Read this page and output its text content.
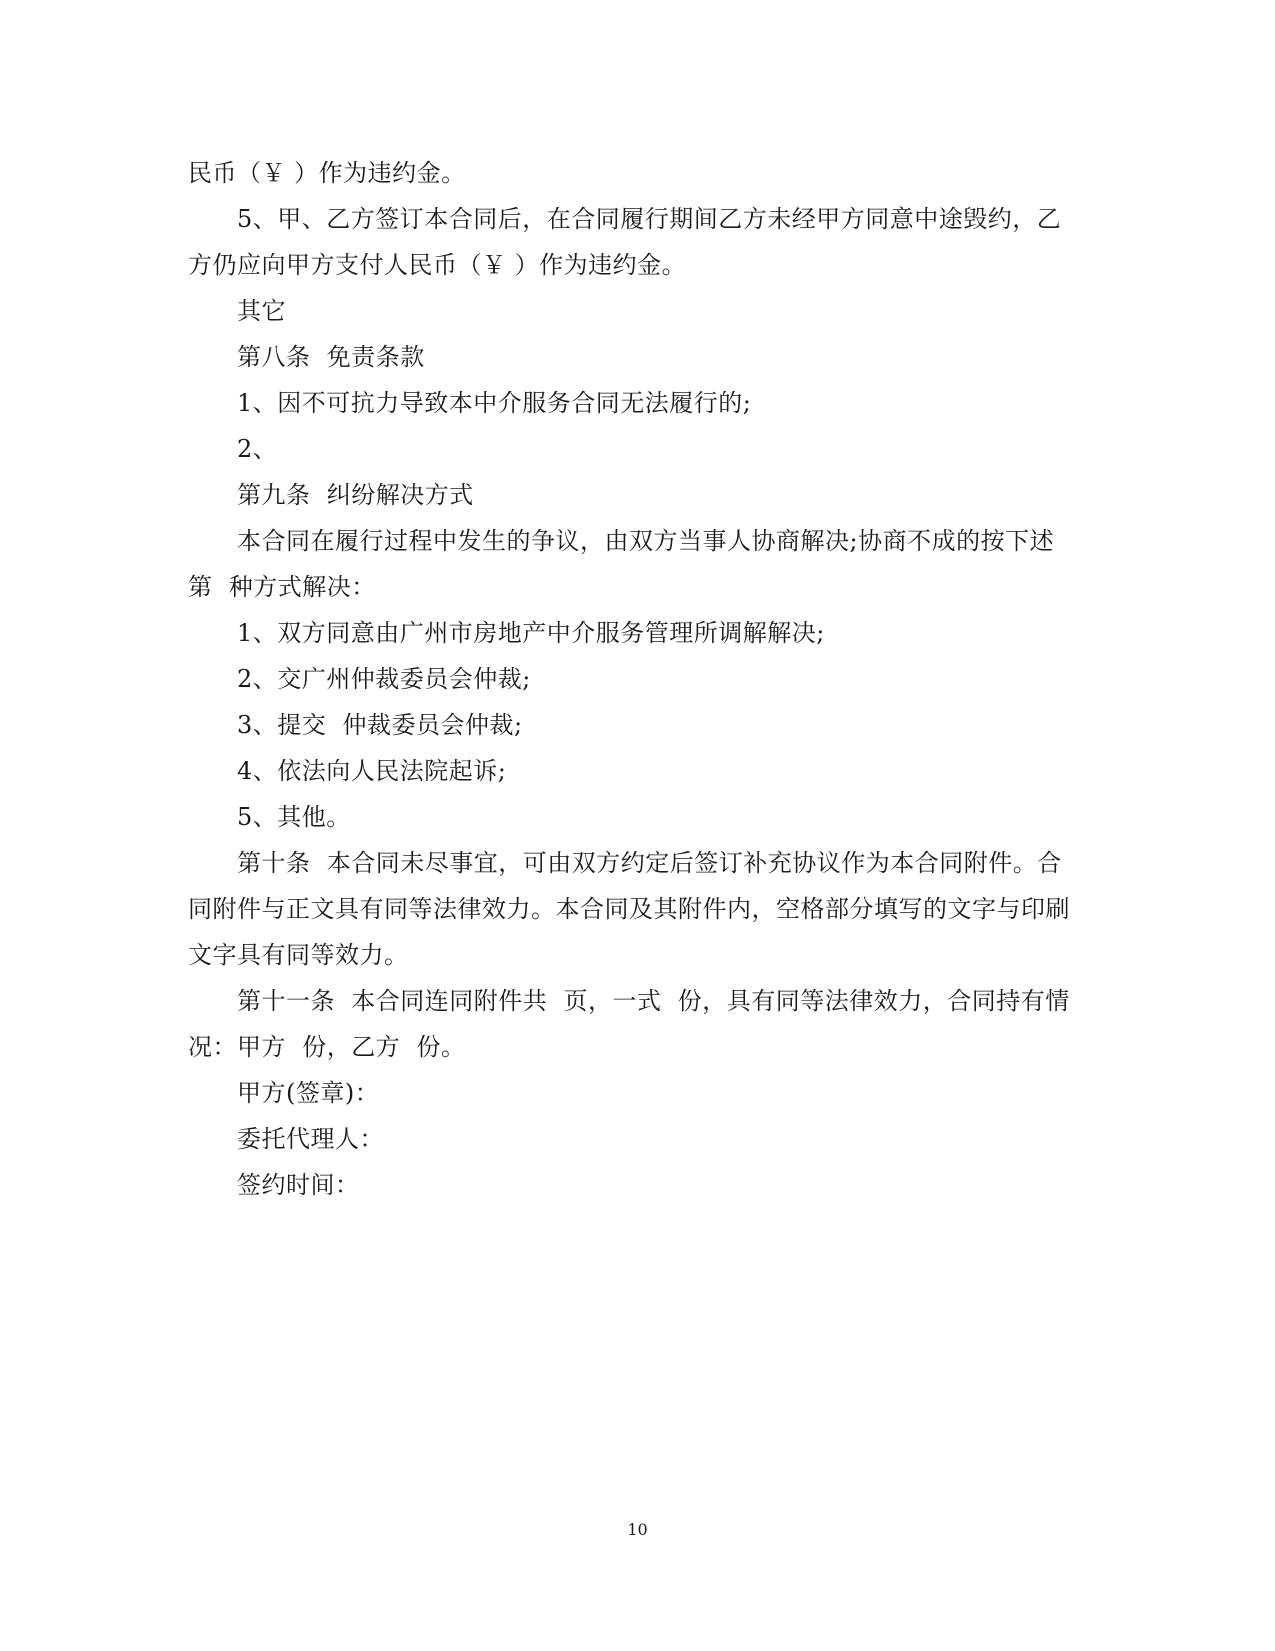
民币（￥ ）作为违约金。
5、甲、乙方签订本合同后，在合同履行期间乙方未经甲方同意中途毁约，乙
方仍应向甲方支付人民币（￥ ）作为违约金。
其它
第八条  免责条款
1、因不可抗力导致本中介服务合同无法履行的;
2、
第九条  纠纷解决方式
本合同在履行过程中发生的争议，由双方当事人协商解决;协商不成的按下述
第  种方式解决：
1、双方同意由广州市房地产中介服务管理所调解解决;
2、交广州仲裁委员会仲裁;
3、提交  仲裁委员会仲裁;
4、依法向人民法院起诉;
5、其他。
第十条  本合同未尽事宜，可由双方约定后签订补充协议作为本合同附件。合
同附件与正文具有同等法律效力。本合同及其附件内，空格部分填写的文字与印刷
文字具有同等效力。
第十一条  本合同连同附件共  页，一式  份，具有同等法律效力，合同持有情
况：甲方  份，乙方  份。
甲方(签章)：
委托代理人：
签约时间：
10
